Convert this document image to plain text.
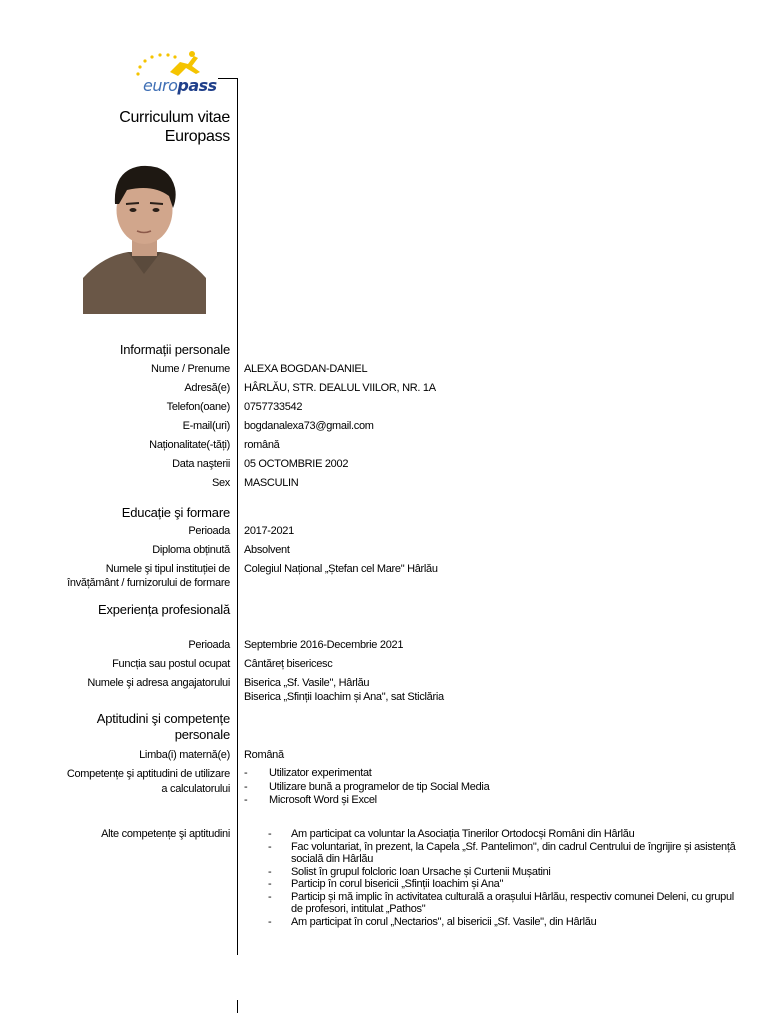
europass
Curriculum vitae
Europass
Informații personale
Nume / Prenume ALEXA BOGDAN-DANIEL
Adresă(e) HÂRLĂU, STR. DEALUL VIILOR, NR. 1A
Telefon(oane) 0757733542
E-mail(uri) bogdanalexa73@gmail.com
Naționalitate(-tăți) română
Data naşterii 05 OCTOMBRIE 2002
Sex MASCULIN
Educație şi formare
Perioada 2017-2021
Diploma obținută Absolvent
Numele şi tipul instituției de
învățământ / furnizorului de formare
Colegiul Național „Ștefan cel Mare" Hârlău
Experiența profesională
Perioada Septembrie 2016-Decembrie 2021
Funcția sau postul ocupat Cântăreț bisericesc
Numele şi adresa angajatorului Biserica „Sf. Vasile", Hârlău
Biserica „Sfinții Ioachim și Ana", sat Sticlăria
Aptitudini şi competențe
personale
Limba(i) maternă(e) Română
Competențe şi aptitudini de utilizare
a calculatorului
- Utilizator experimentat
- Utilizare bună a programelor de tip Social Media
- Microsoft Word și Excel
Alte competențe şi aptitudini
-	Am participat ca voluntar la Asociația Tinerilor Ortodocși Români din Hârlău
- Fac voluntariat, în prezent, la Capela „Sf. Pantelimon", din cadrul Centrului de îngrijire și asistență socială din Hârlău
- Solist în grupul folcloric Ioan Ursache și Curtenii Mușatini
- Particip în corul bisericii „Sfinții Ioachim și Ana"
- Particip și mă implic în activitatea culturală a orașului Hârlău, respectiv comunei Deleni, cu grupul de profesori, intitulat „Pathos"
- Am participat în corul „Nectarios", al bisericii „Sf. Vasile", din Hârlău
